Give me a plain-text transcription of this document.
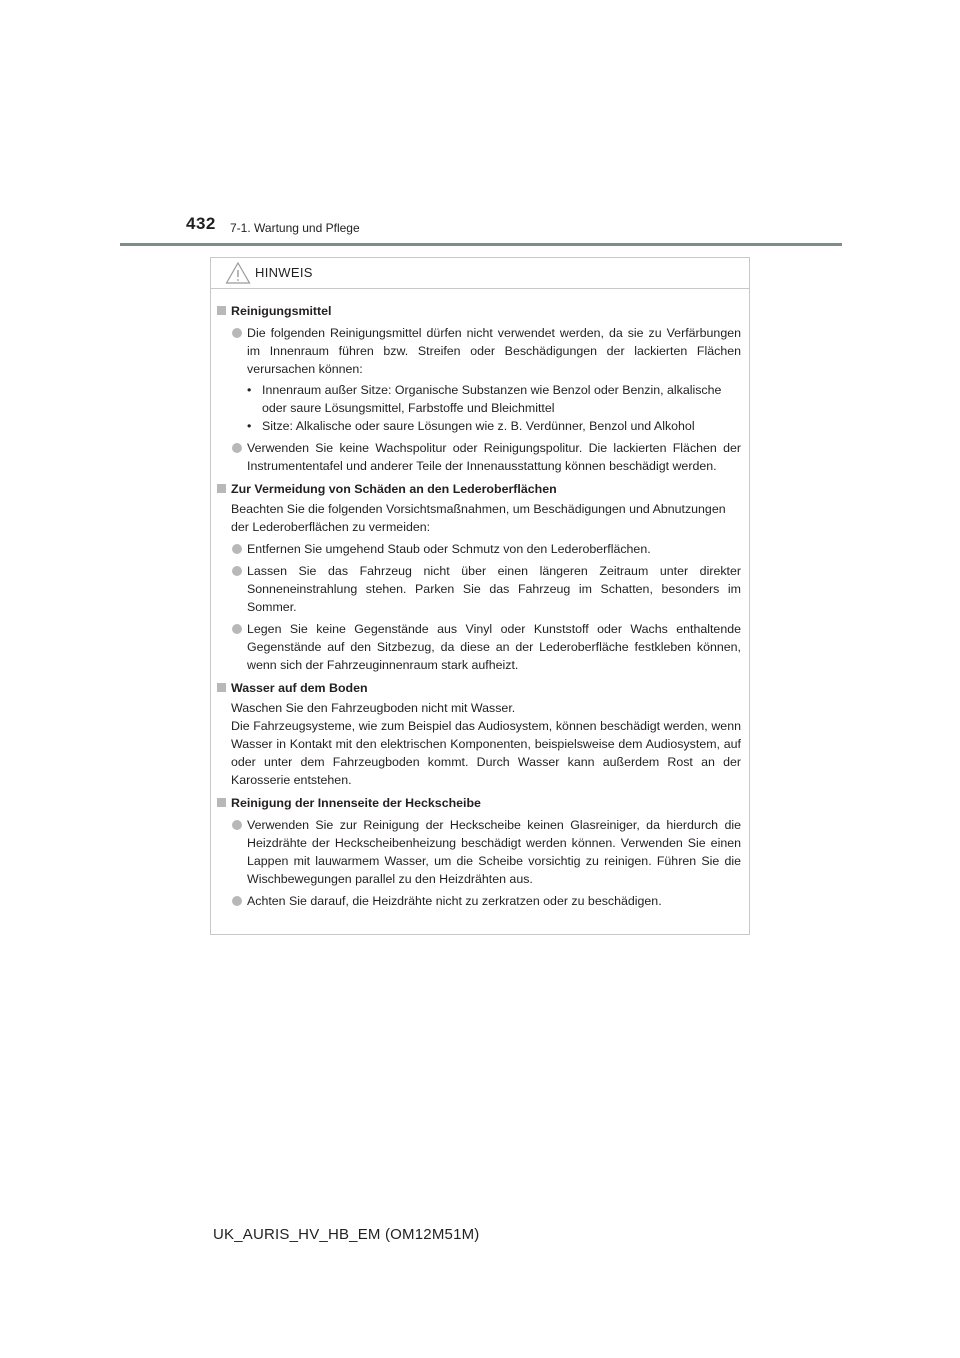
432 7-1. Wartung und Pflege
HINWEIS
Reinigungsmittel
Die folgenden Reinigungsmittel dürfen nicht verwendet werden, da sie zu Verfärbungen im Innenraum führen bzw. Streifen oder Beschädigungen der lackierten Flächen verursachen können:
• Innenraum außer Sitze: Organische Substanzen wie Benzol oder Benzin, alkalische oder saure Lösungsmittel, Farbstoffe und Bleichmittel
• Sitze: Alkalische oder saure Lösungen wie z. B. Verdünner, Benzol und Alkohol
Verwenden Sie keine Wachspolitur oder Reinigungspolitur. Die lackierten Flächen der Instrumententafel und anderer Teile der Innenausstattung können beschädigt werden.
Zur Vermeidung von Schäden an den Lederoberflächen
Beachten Sie die folgenden Vorsichtsmaßnahmen, um Beschädigungen und Abnutzungen der Lederoberflächen zu vermeiden:
Entfernen Sie umgehend Staub oder Schmutz von den Lederoberflächen.
Lassen Sie das Fahrzeug nicht über einen längeren Zeitraum unter direkter Sonneneinstrahlung stehen. Parken Sie das Fahrzeug im Schatten, besonders im Sommer.
Legen Sie keine Gegenstände aus Vinyl oder Kunststoff oder Wachs enthaltende Gegenstände auf den Sitzbezug, da diese an der Lederoberfläche festkleben können, wenn sich der Fahrzeuginnenraum stark aufheizt.
Wasser auf dem Boden
Waschen Sie den Fahrzeugboden nicht mit Wasser.
Die Fahrzeugsysteme, wie zum Beispiel das Audiosystem, können beschädigt werden, wenn Wasser in Kontakt mit den elektrischen Komponenten, beispielsweise dem Audiosystem, auf oder unter dem Fahrzeugboden kommt. Durch Wasser kann außerdem Rost an der Karosserie entstehen.
Reinigung der Innenseite der Heckscheibe
Verwenden Sie zur Reinigung der Heckscheibe keinen Glasreiniger, da hierdurch die Heizdrähte der Heckscheibenheizung beschädigt werden können. Verwenden Sie einen Lappen mit lauwarmem Wasser, um die Scheibe vorsichtig zu reinigen. Führen Sie die Wischbewegungen parallel zu den Heizdrähten aus.
Achten Sie darauf, die Heizdrähte nicht zu zerkratzen oder zu beschädigen.
UK_AURIS_HV_HB_EM (OM12M51M)
